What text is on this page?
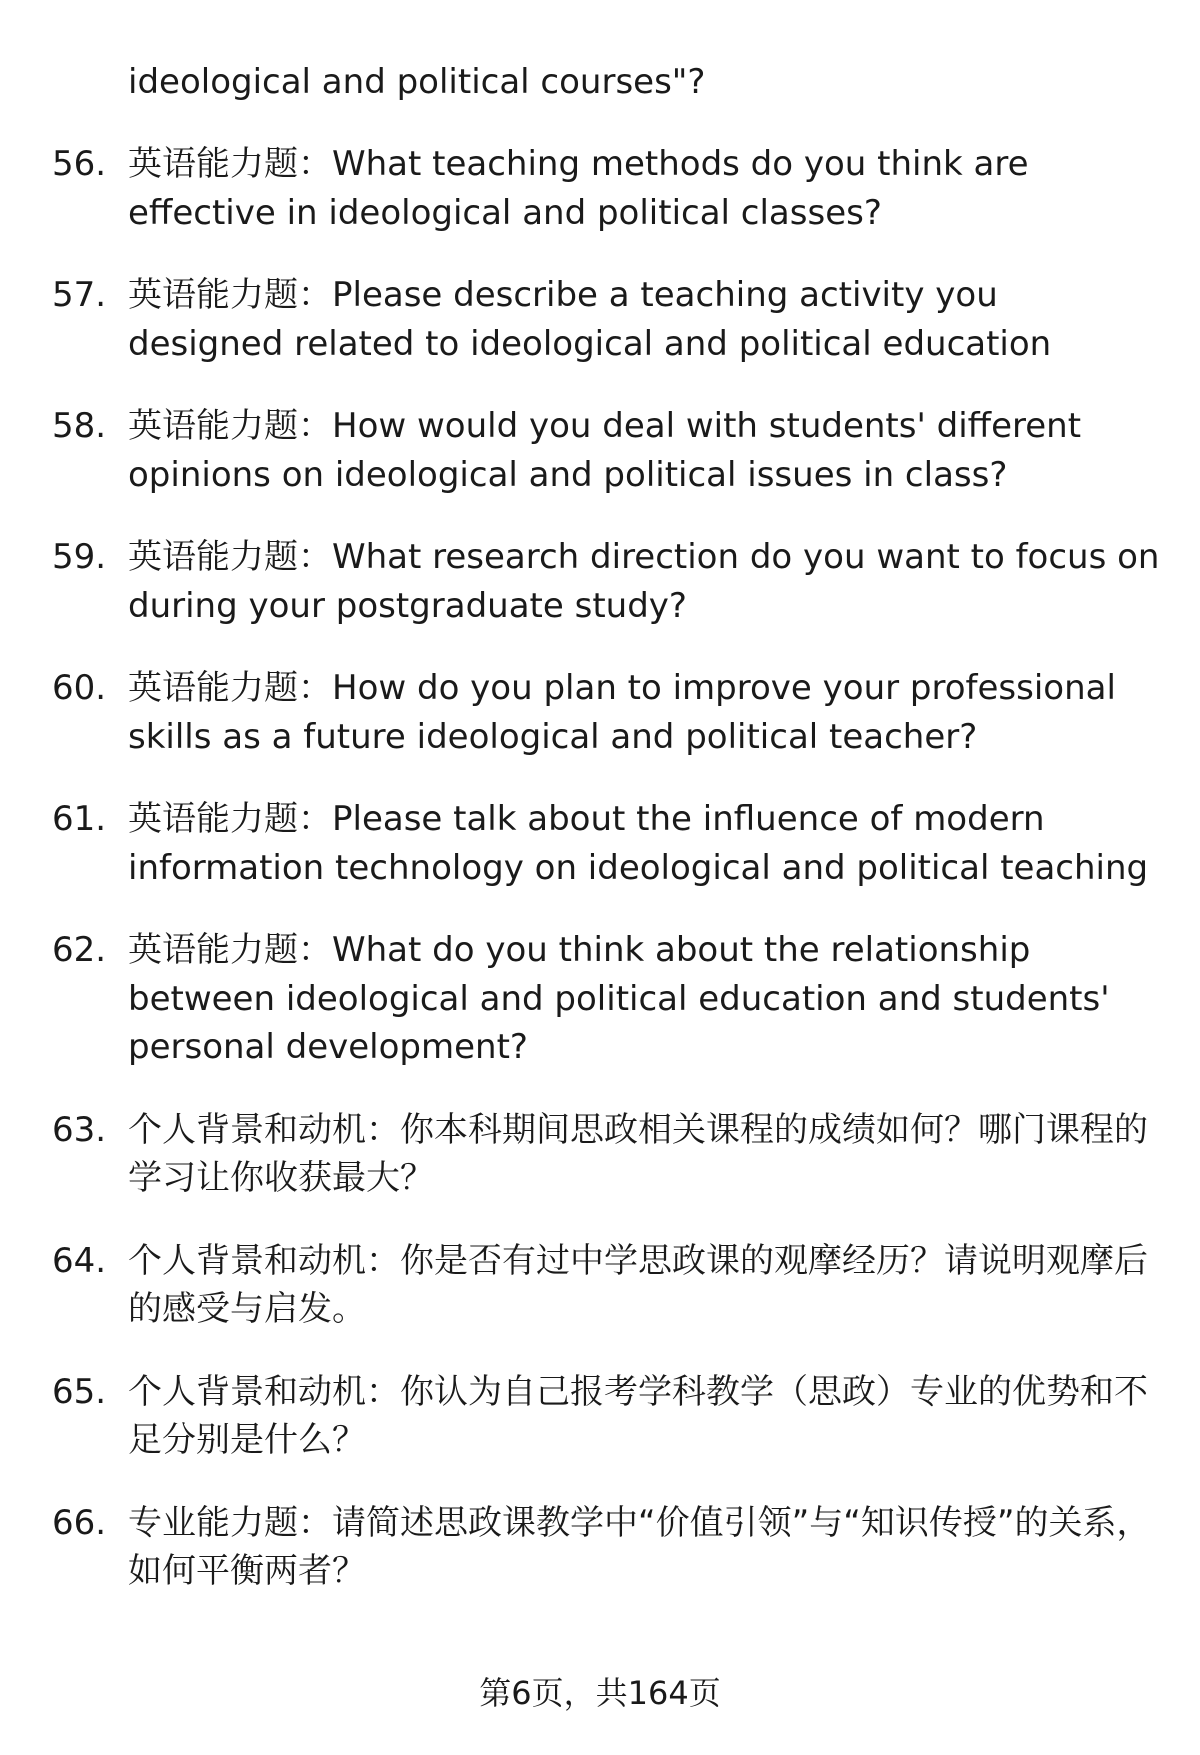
ideological and political courses"?

56. 英语能力题：What teaching methods do you think are effective in ideological and political classes?
57. 英语能力题：Please describe a teaching activity you designed related to ideological and political education
58. 英语能力题：How would you deal with students' different opinions on ideological and political issues in class?
59. 英语能力题：What research direction do you want to focus on during your postgraduate study?
60. 英语能力题：How do you plan to improve your professional skills as a future ideological and political teacher?
61. 英语能力题：Please talk about the influence of modern information technology on ideological and political teaching
62. 英语能力题：What do you think about the relationship between ideological and political education and students' personal development?
63. 个人背景和动机：你本科期间思政相关课程的成绩如何？哪门课程的学习让你收获最大？
64. 个人背景和动机：你是否有过中学思政课的观摩经历？请说明观摩后的感受与启发。
65. 个人背景和动机：你认为自己报考学科教学（思政）专业的优势和不足分别是什么？
66. 专业能力题：请简述思政课教学中“价值引领”与“知识传授”的关系，如何平衡两者？
第6页，共164页
